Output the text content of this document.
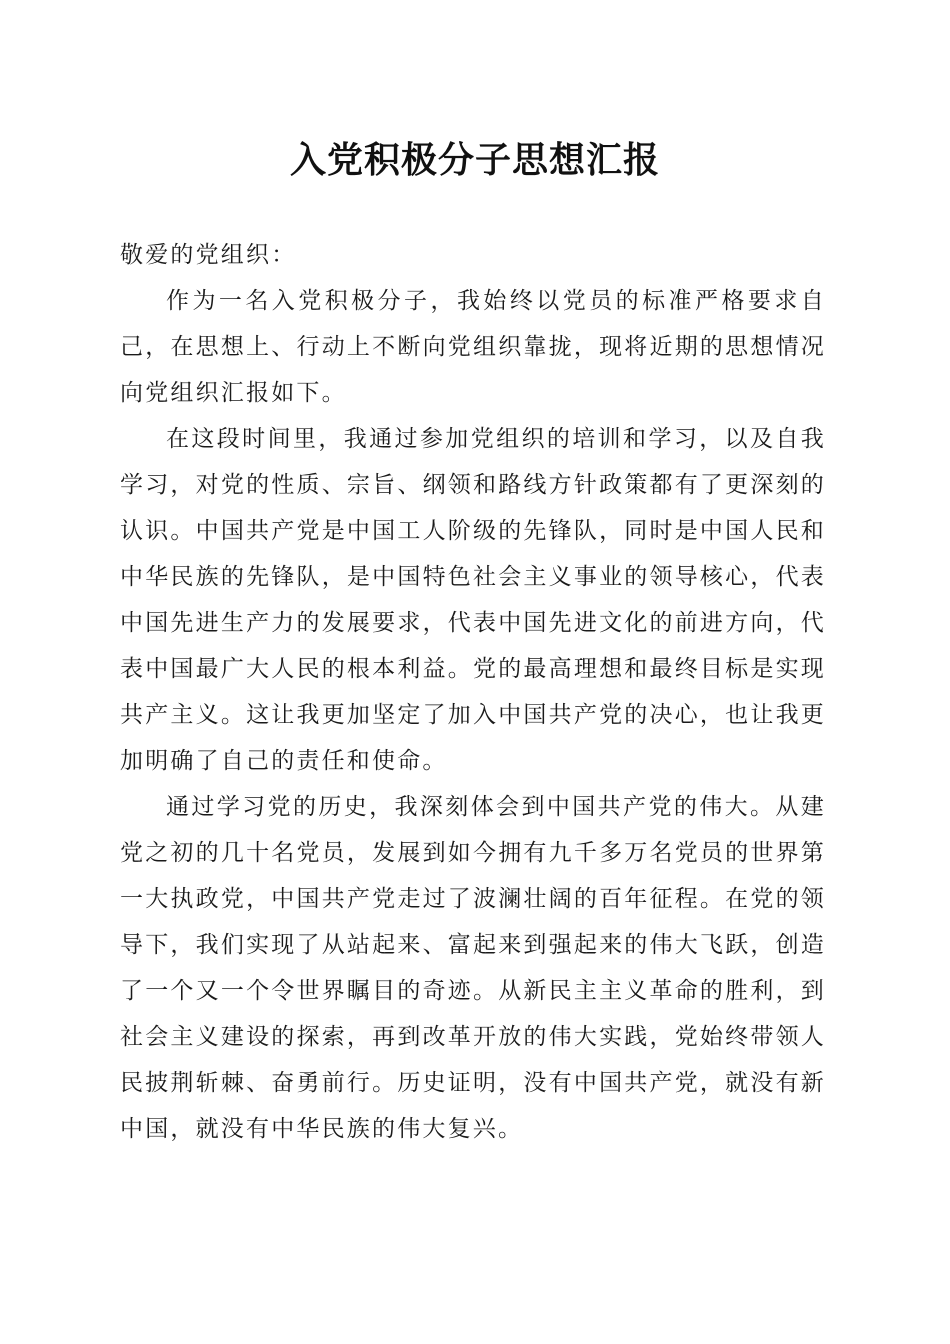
入党积极分子思想汇报

敬爱的党组织：

作为一名入党积极分子，我始终以党员的标准严格要求自己，在思想上、行动上不断向党组织靠拢，现将近期的思想情况向党组织汇报如下。

在这段时间里，我通过参加党组织的培训和学习，以及自我学习，对党的性质、宗旨、纲领和路线方针政策都有了更深刻的认识。中国共产党是中国工人阶级的先锋队，同时是中国人民和中华民族的先锋队，是中国特色社会主义事业的领导核心，代表中国先进生产力的发展要求，代表中国先进文化的前进方向，代表中国最广大人民的根本利益。党的最高理想和最终目标是实现共产主义。这让我更加坚定了加入中国共产党的决心，也让我更加明确了自己的责任和使命。

通过学习党的历史，我深刻体会到中国共产党的伟大。从建党之初的几十名党员，发展到如今拥有九千多万名党员的世界第一大执政党，中国共产党走过了波澜壮阔的百年征程。在党的领导下，我们实现了从站起来、富起来到强起来的伟大飞跃，创造了一个又一个令世界瞩目的奇迹。从新民主主义革命的胜利，到社会主义建设的探索，再到改革开放的伟大实践，党始终带领人民披荆斩棘、奋勇前行。历史证明，没有中国共产党，就没有新中国，就没有中华民族的伟大复兴。
